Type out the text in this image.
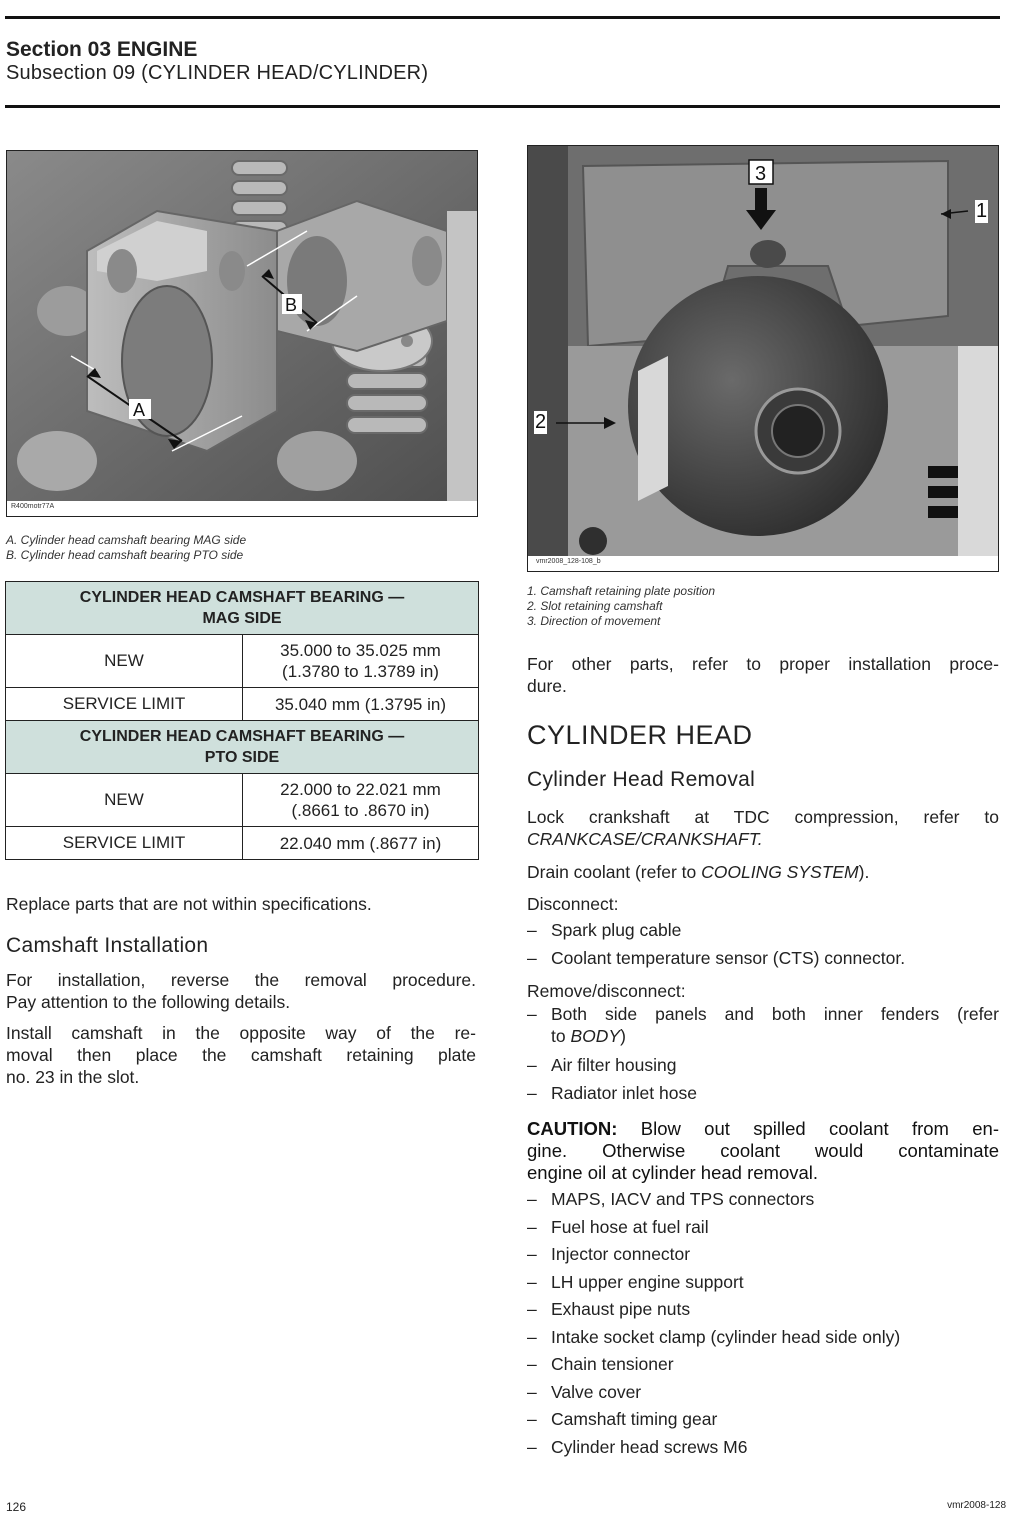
Section 03 ENGINE
Subsection 09 (CYLINDER HEAD/CYLINDER)
A
B
R400motr77A
A. Cylinder head camshaft bearing MAG side
B. Cylinder head camshaft bearing PTO side
CYLINDER HEAD CAMSHAFT BEARING — MAG SIDE	

NEW	35.000 to 35.025 mm
(1.3780 to 1.3789 in)

SERVICE LIMIT	35.040 mm (1.3795 in)

CYLINDER HEAD CAMSHAFT BEARING — PTO SIDE	

NEW	22.000 to 22.021 mm
(.8661 to .8670 in)

SERVICE LIMIT	22.040 mm (.8677 in)
Replace parts that are not within specifications.
Camshaft Installation
For installation, reverse the removal procedure.
Pay attention to the following details.
Install camshaft in the opposite way of the re-
moval then place the camshaft retaining plate
no. 23 in the slot.
3
1
2
vmr2008_128-108_b
1. Camshaft retaining plate position
2. Slot retaining camshaft
3. Direction of movement
For other parts, refer to proper installation proce-
dure.
CYLINDER HEAD
Cylinder Head Removal
Lock crankshaft at TDC compression, refer to
CRANKCASE/CRANKSHAFT.
Drain coolant (refer to COOLING SYSTEM).
Disconnect:
– Spark plug cable
– Coolant temperature sensor (CTS) connector.
Remove/disconnect:
– Both side panels and both inner fenders (refer
to BODY)
– Air filter housing
– Radiator inlet hose
CAUTION: Blow out spilled coolant from en-
gine. Otherwise coolant would contaminate
engine oil at cylinder head removal.
– MAPS, IACV and TPS connectors
– Fuel hose at fuel rail
– Injector connector
– LH upper engine support
– Exhaust pipe nuts
– Intake socket clamp (cylinder head side only)
– Chain tensioner
– Valve cover
– Camshaft timing gear
– Cylinder head screws M6
126	vmr2008-128
